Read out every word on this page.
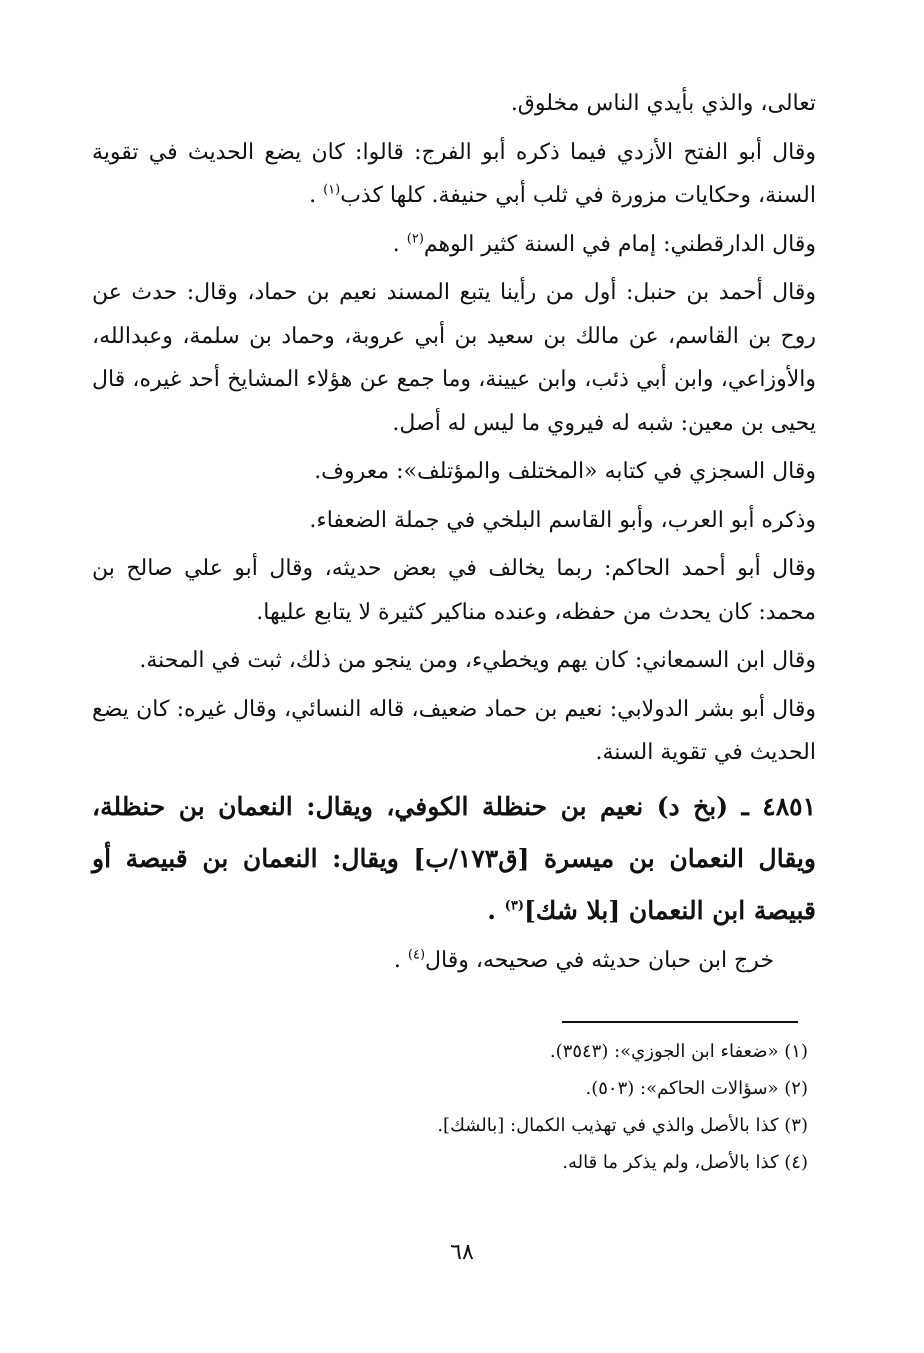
تعالى، والذي بأيدي الناس مخلوق.

وقال أبو الفتح الأزدي فيما ذكره أبو الفرج: قالوا: كان يضع الحديث في تقوية السنة، وحكايات مزورة في ثلب أبي حنيفة. كلها كذب$^{(١)}$ .

وقال الدارقطني: إمام في السنة كثير الوهم$^{(٢)}$ .

وقال أحمد بن حنبل: أول من رأينا يتبع المسند نعيم بن حماد، وقال: حدث عن روح بن القاسم، عن مالك بن سعيد بن أبي عروبة، وحماد بن سلمة، وعبدالله، والأوزاعي، وابن أبي ذئب، وابن عيينة، وما جمع عن هؤلاء المشايخ أحد غيره، قال يحيى بن معين: شبه له فيروي ما ليس له أصل.

وقال السجزي في كتابه «المختلف والمؤتلف»: معروف.

وذكره أبو العرب، وأبو القاسم البلخي في جملة الضعفاء.

وقال أبو أحمد الحاكم: ربما يخالف في بعض حديثه، وقال أبو علي صالح بن محمد: كان يحدث من حفظه، وعنده مناكير كثيرة لا يتابع عليها.

وقال ابن السمعاني: كان يهم ويخطيء، ومن ينجو من ذلك، ثبت في المحنة.

وقال أبو بشر الدولابي: نعيم بن حماد ضعيف، قاله النسائي، وقال غيره: كان يضع الحديث في تقوية السنة.

٤٨٥١ ـ (بخ د) نعيم بن حنظلة الكوفي، ويقال: النعمان بن حنظلة، ويقال النعمان بن ميسرة [ق١٧٣/ب] ويقال: النعمان بن قبيصة أو قبيصة ابن النعمان [بلا شك]$^{(٣)}$ .

خرج ابن حبان حديثه في صحيحه، وقال$^{(٤)}$ .

(١) «ضعفاء ابن الجوزي»: (٣٥٤٣).

(٢) «سؤالات الحاكم»: (٥٠٣).

(٣) كذا بالأصل والذي في تهذيب الكمال: [بالشك].

(٤) كذا بالأصل، ولم يذكر ما قاله.

٦٨
